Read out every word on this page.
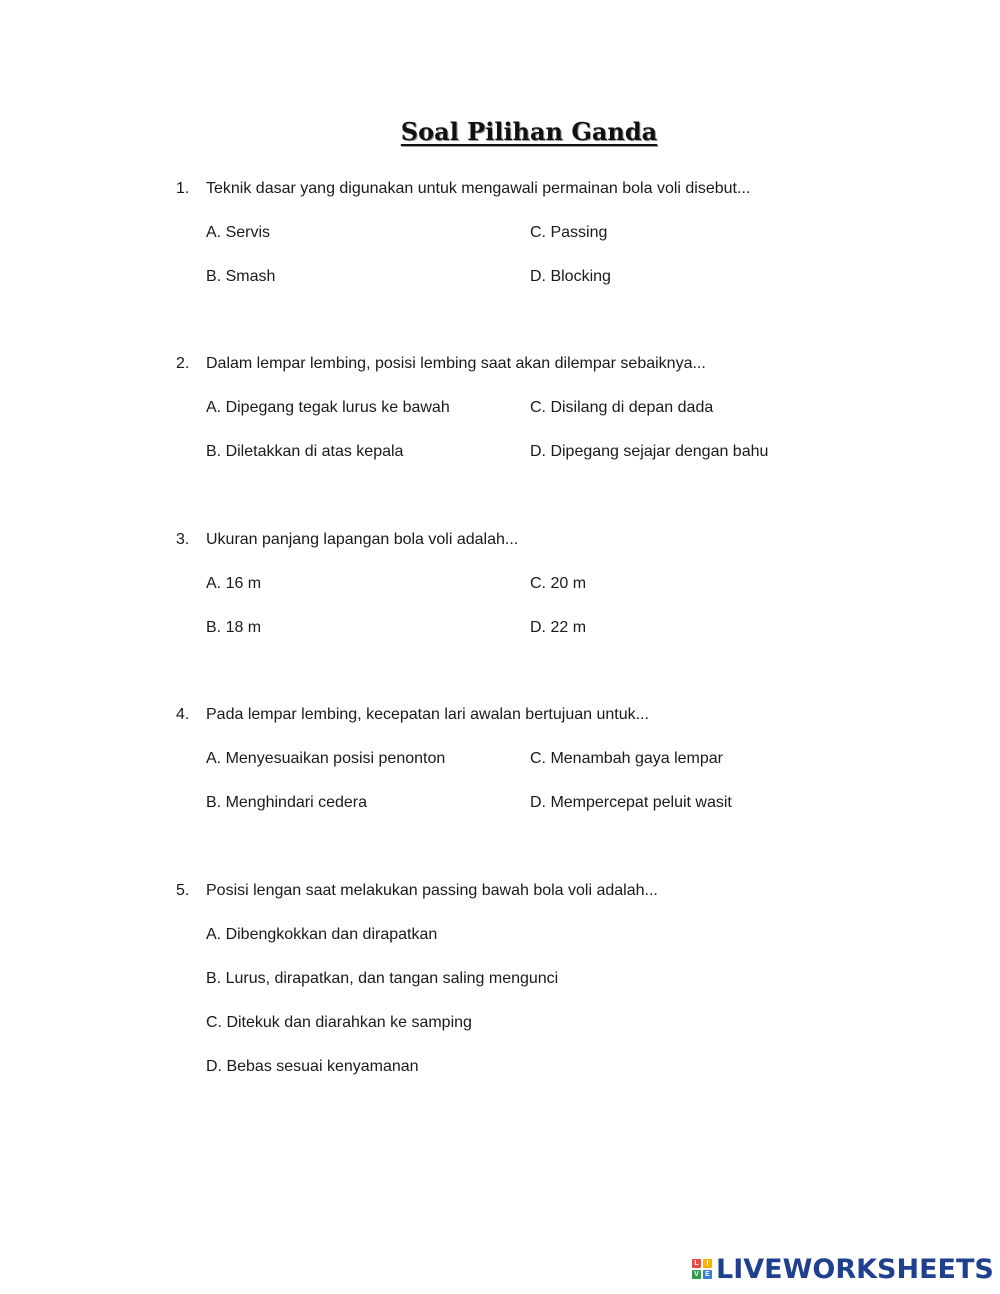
Soal Pilihan Ganda
1. Teknik dasar yang digunakan untuk mengawali permainan bola voli disebut...
A. Servis	C. Passing
B. Smash	D. Blocking
2. Dalam lempar lembing, posisi lembing saat akan dilempar sebaiknya...
A. Dipegang tegak lurus ke bawah	C. Disilang di depan dada
B. Diletakkan di atas kepala	D. Dipegang sejajar dengan bahu
3. Ukuran panjang lapangan bola voli adalah...
A. 16 m	C. 20 m
B. 18 m	D. 22 m
4. Pada lempar lembing, kecepatan lari awalan bertujuan untuk...
A. Menyesuaikan posisi penonton	C. Menambah gaya lempar
B. Menghindari cedera	D. Mempercepat peluit wasit
5. Posisi lengan saat melakukan passing bawah bola voli adalah...
A. Dibengkokkan dan dirapatkan
B. Lurus, dirapatkan, dan tangan saling mengunci
C. Ditekuk dan diarahkan ke samping
D. Bebas sesuai kenyamanan
L	I
V E LIVEWORKSHEETS
